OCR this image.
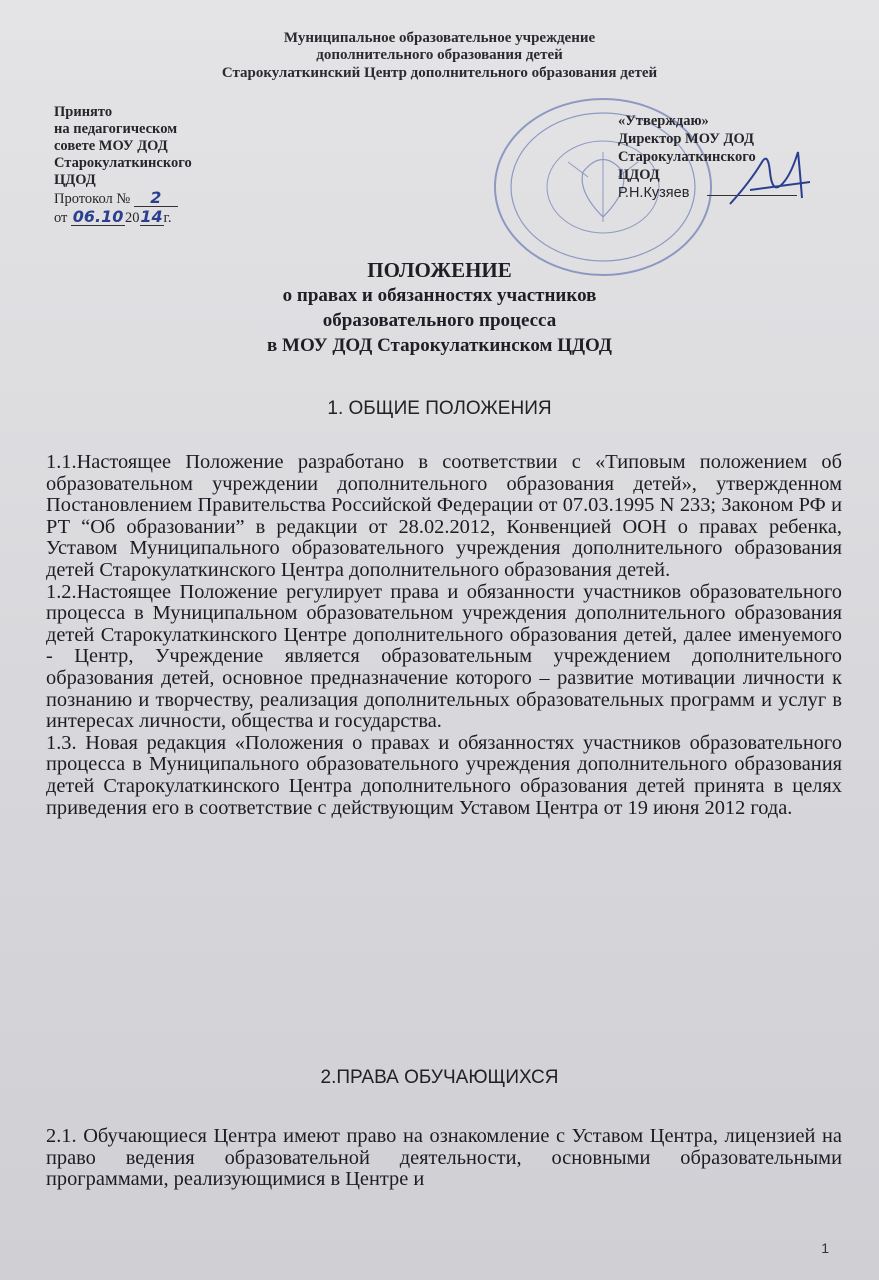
Муниципальное образовательное учреждение
дополнительного образования детей
Старокулаткинский Центр дополнительного образования детей
Принято
на педагогическом
совете МОУ ДОД
Старокулаткинского
ЦДОД
Протокол № 2
от 06.10 2014г.
«Утверждаю»
Директор МОУ ДОД
Старокулаткинского
ЦДОД
Р.Н.Кузяев
ПОЛОЖЕНИЕ
о правах и обязанностях участников
образовательного процесса
в МОУ ДОД Старокулаткинском ЦДОД
1. ОБЩИЕ ПОЛОЖЕНИЯ

1.1.Настоящее Положение разработано в соответствии с «Типовым положением об образовательном учреждении дополнительного образования детей», утвержденном Постановлением Правительства Российской Федерации от 07.03.1995 N 233; Законом РФ и РТ “Об образовании” в редакции от 28.02.2012, Конвенцией ООН о правах ребенка, Уставом Муниципального образовательного учреждения дополнительного образования детей Старокулаткинского Центра дополнительного образования детей.

1.2.Настоящее Положение регулирует права и обязанности участников образовательного процесса в Муниципальном образовательном учреждения дополнительного образования детей Старокулаткинского Центре дополнительного образования детей, далее именуемого - Центр, Учреждение является образовательным учреждением дополнительного образования детей, основное предназначение которого – развитие мотивации личности к познанию и творчеству, реализация дополнительных образовательных программ и услуг в интересах личности, общества и государства.

1.3. Новая редакция «Положения о правах и обязанностях участников образовательного процесса в Муниципального образовательного учреждения дополнительного образования детей Старокулаткинского Центра дополнительного образования детей принята в целях приведения его в соответствие с действующим Уставом Центра от 19 июня 2012 года.

2.ПРАВА ОБУЧАЮЩИХСЯ

2.1. Обучающиеся Центра имеют право на ознакомление с Уставом Центра, лицензией на право ведения образовательной деятельности, основными образовательными программами, реализующимися в Центре и

1
